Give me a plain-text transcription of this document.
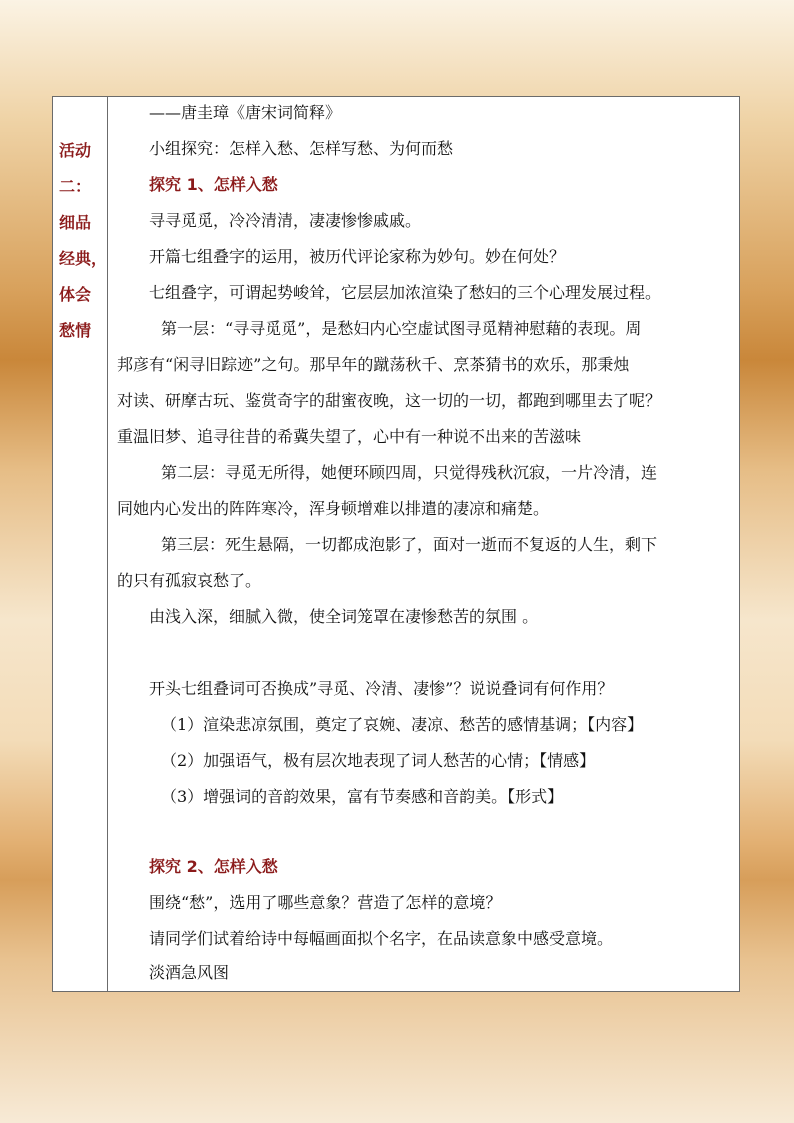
活动
二：
细品
经典，
体会
愁情
——唐圭璋《唐宋词简释》
小组探究：怎样入愁、怎样写愁、为何而愁
探究 1、怎样入愁
寻寻觅觅，冷冷清清，凄凄惨惨戚戚。
开篇七组叠字的运用，被历代评论家称为妙句。妙在何处？
七组叠字，可谓起势峻耸，它层层加浓渲染了愁妇的三个心理发展过程。
第一层：“寻寻觅觅”，是愁妇内心空虚试图寻觅精神慰藉的表现。周
邦彦有“闲寻旧踪迹”之句。那早年的蹴荡秋千、烹茶猜书的欢乐，那秉烛
对读、研摩古玩、鉴赏奇字的甜蜜夜晚，这一切的一切，都跑到哪里去了呢？
重温旧梦、追寻往昔的希冀失望了，心中有一种说不出来的苦滋味
第二层：寻觅无所得，她便环顾四周，只觉得残秋沉寂，一片冷清，连
同她内心发出的阵阵寒冷，浑身顿增难以排遣的凄凉和痛楚。
第三层：死生悬隔，一切都成泡影了，面对一逝而不复返的人生，剩下
的只有孤寂哀愁了。
由浅入深，细腻入微，使全词笼罩在凄惨愁苦的氛围 。
开头七组叠词可否换成”寻觅、冷清、凄惨”？说说叠词有何作用？
（1）渲染悲凉氛围，奠定了哀婉、凄凉、愁苦的感情基调；【内容】
（2）加强语气，极有层次地表现了词人愁苦的心情；【情感】
（3）增强词的音韵效果，富有节奏感和音韵美。【形式】
探究 2、怎样入愁
围绕“愁”，选用了哪些意象？营造了怎样的意境？
请同学们试着给诗中每幅画面拟个名字，在品读意象中感受意境。
淡酒急风图
